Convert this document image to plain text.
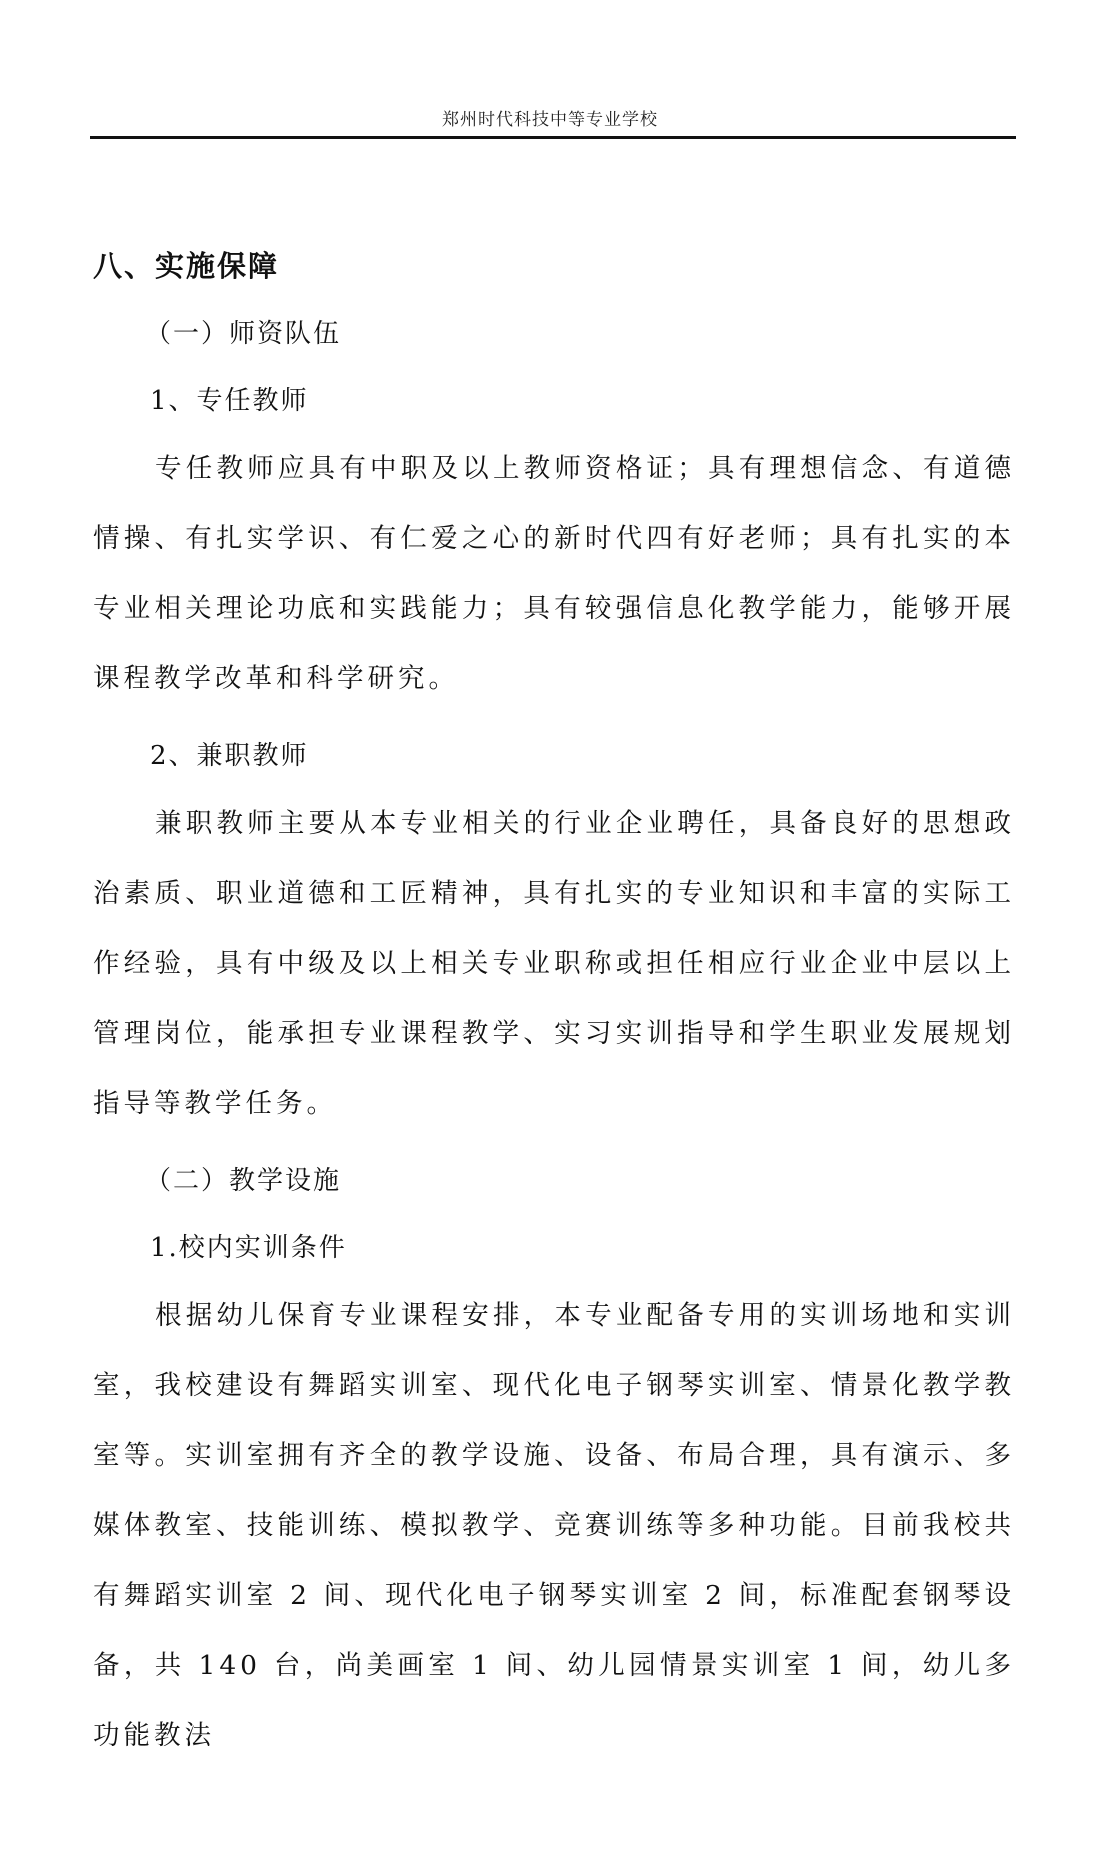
郑州时代科技中等专业学校
八、实施保障
（一）师资队伍
1、专任教师

专任教师应具有中职及以上教师资格证；具有理想信念、有道德情操、有扎实学识、有仁爱之心的新时代四有好老师；具有扎实的本专业相关理论功底和实践能力；具有较强信息化教学能力，能够开展课程教学改革和科学研究。

2、兼职教师

兼职教师主要从本专业相关的行业企业聘任，具备良好的思想政治素质、职业道德和工匠精神，具有扎实的专业知识和丰富的实际工作经验，具有中级及以上相关专业职称或担任相应行业企业中层以上管理岗位，能承担专业课程教学、实习实训指导和学生职业发展规划指导等教学任务。

（二）教学设施
1.校内实训条件

根据幼儿保育专业课程安排，本专业配备专用的实训场地和实训室，我校建设有舞蹈实训室、现代化电子钢琴实训室、情景化教学教室等。实训室拥有齐全的教学设施、设备、布局合理，具有演示、多媒体教室、技能训练、模拟教学、竞赛训练等多种功能。目前我校共有舞蹈实训室 2 间、现代化电子钢琴实训室 2 间，标准配套钢琴设备，共 140 台，尚美画室 1 间、幼儿园情景实训室 1 间，幼儿多功能教法
